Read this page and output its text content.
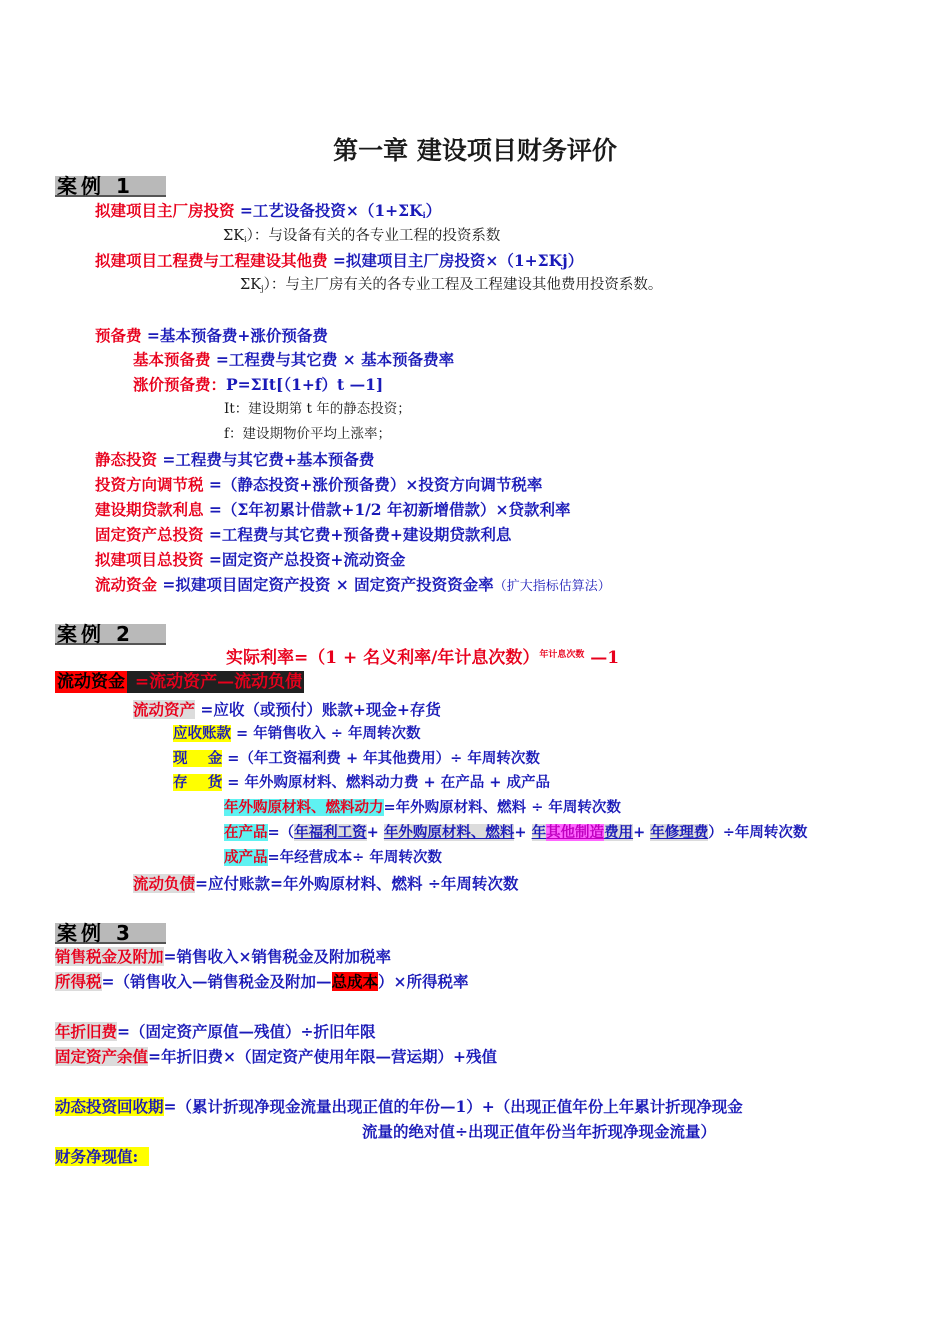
第一章 建设项目财务评价
案例 1
拟建项目主厂房投资 =工艺设备投资$\times(1+\Sigma K_i)$
$\Sigma K_i$）：与设备有关的各专业工程的投资系数
拟建项目工程费与工程建设其他费 =拟建项目主厂房投资×（1+ΣKj）
$\Sigma K_j$）：与主厂房有关的各专业工程及工程建设其他费用投资系数。
预备费 =基本预备费+涨价预备费
基本预备费 =工程费与其它费 × 基本预备费率
涨价预备费：P=ΣIt[（1+f）t —1]
It：建设期第 t 年的静态投资；
f：建设期物价平均上涨率；
静态投资 =工程费与其它费+基本预备费
投资方向调节税 =（静态投资+涨价预备费）×投资方向调节税率
建设期贷款利息 =（Σ年初累计借款+1/2 年初新增借款）×贷款利率
固定资产总投资 =工程费与其它费+预备费+建设期贷款利息
拟建项目总投资 =固定资产总投资+流动资金
流动资金 =拟建项目固定资产投资 × 固定资产投资资金率（扩大指标估算法）
案例 2
实际利率=（1 + 名义利率/年计息次数）$^{年计息次数}$ —1
流动资金 =流动资产—流动负债
流动资产 =应收（或预付）账款+现金+存货
应收账款 = 年销售收入 ÷ 年周转次数
现    金 =（年工资福利费 + 年其他费用）÷ 年周转次数
存    货 = 年外购原材料、燃料动力费 + 在产品 + 成产品
年外购原材料、燃料动力=年外购原材料、燃料 ÷ 年周转次数
在产品=（年福利工资+ 年外购原材料、燃料+ 年其他制造费用+ 年修理费）÷年周转次数
成产品=年经营成本÷ 年周转次数
流动负债=应付账款=年外购原材料、燃料 ÷年周转次数
案例 3
销售税金及附加=销售收入×销售税金及附加税率
所得税=（销售收入—销售税金及附加—总成本）×所得税率
年折旧费=（固定资产原值—残值）÷折旧年限
固定资产余值=年折旧费×（固定资产使用年限—营运期）+残值
动态投资回收期=（累计折现净现金流量出现正值的年份—1）+（出现正值年份上年累计折现净现金
流量的绝对值÷出现正值年份当年折现净现金流量）
财务净现值:
